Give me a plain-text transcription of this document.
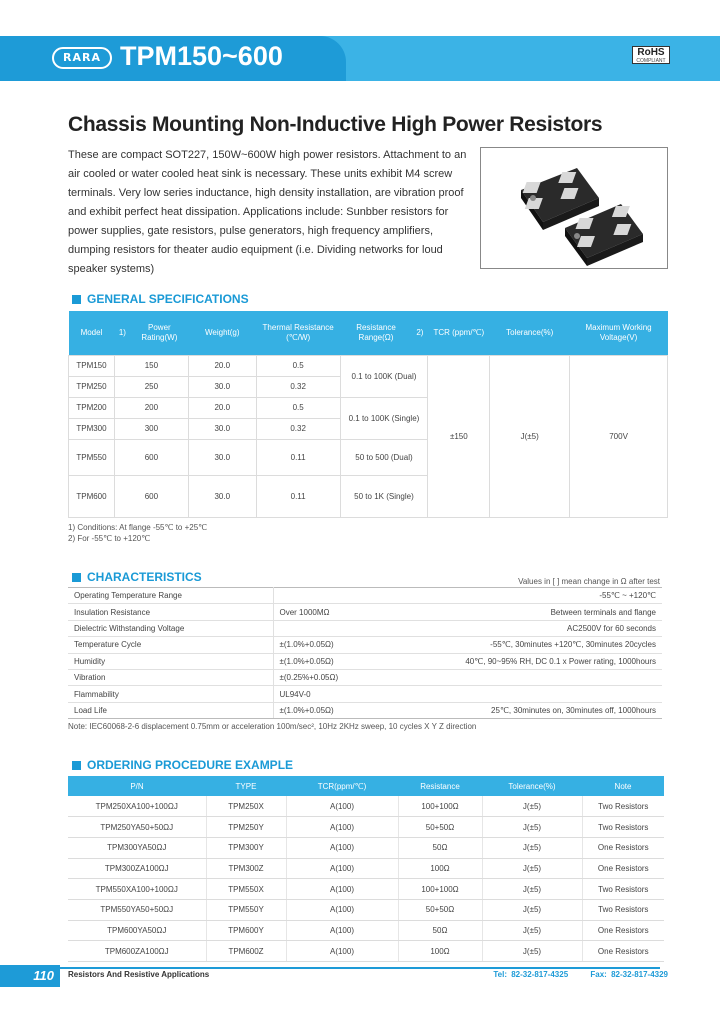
RARA TPM150~600	RoHS
COMPLIANT
Chassis Mounting Non-Inductive High Power Resistors

These are compact SOT227, 150W~600W high power resistors. Attachment to an air cooled or water cooled heat sink is necessary. These units exhibit M4 screw terminals. Very low series inductance, high density installation, are vibration proof and exhibit perfect heat dissipation. Applications include: Sunbber resistors for power supplies, gate resistors, pulse generators, high frequency amplifiers, dumping resistors for theater audio equipment (i.e. Dividing networks for loud speaker systems)

GENERAL SPECIFICATIONS
Model	1)	Power Rating(W)	Weight(g)	Thermal Resistance (℃/W)	Resistance Range(Ω)	2)	TCR (ppm/℃)	Tolerance(%)	Maximum Working Voltage(V)
TPM150	150		20.0	0.5	0.1 to 100K (Dual)		±150	J(±5)	700V
TPM250	250		30.0	0.32					
TPM200	200		20.0	0.5	0.1 to 100K (Single)				
TPM300	300		30.0	0.32					
TPM550	600		30.0	0.11	50 to 500 (Dual)				
TPM600	600		30.0	0.11	50 to 1K (Single)				
1) Conditions: At flange -55℃ to +25℃
2) For -55℃ to +120℃
CHARACTERISTICS	Values in [ ] mean change in Ω after test
Operating Temperature Range		-55℃ ~ +120℃
Insulation Resistance	Over 1000MΩ	Between terminals and flange
Dielectric Withstanding Voltage		AC2500V for 60 seconds
Temperature Cycle	±(1.0%+0.05Ω)	-55℃, 30minutes +120℃, 30minutes 20cycles
Humidity	±(1.0%+0.05Ω)	40℃, 90~95% RH, DC 0.1 x Power rating, 1000hours
Vibration	±(0.25%+0.05Ω)	
Flammability	UL94V-0	
Load Life	±(1.0%+0.05Ω)	25℃, 30minutes on, 30minutes off, 1000hours
Note: IEC60068-2-6 displacement 0.75mm or acceleration 100m/sec², 10Hz 2KHz sweep, 10 cycles X Y Z direction
ORDERING PROCEDURE EXAMPLE
P/N	TYPE	TCR(ppm/℃)	Resistance	Tolerance(%)	Note
TPM250XA100+100ΩJ	TPM250X	A(100)	100+100Ω	J(±5)	Two Resistors
TPM250YA50+50ΩJ	TPM250Y	A(100)	50+50Ω	J(±5)	Two Resistors
TPM300YA50ΩJ	TPM300Y	A(100)	50Ω	J(±5)	One Resistors
TPM300ZA100ΩJ	TPM300Z	A(100)	100Ω	J(±5)	One Resistors
TPM550XA100+100ΩJ	TPM550X	A(100)	100+100Ω	J(±5)	Two Resistors
TPM550YA50+50ΩJ	TPM550Y	A(100)	50+50Ω	J(±5)	Two Resistors
TPM600YA50ΩJ	TPM600Y	A(100)	50Ω	J(±5)	One Resistors
TPM600ZA100ΩJ	TPM600Z	A(100)	100Ω	J(±5)	One Resistors
110	Resistors And Resistive Applications	Tel: 82-32-817-4325	Fax: 82-32-817-4329
